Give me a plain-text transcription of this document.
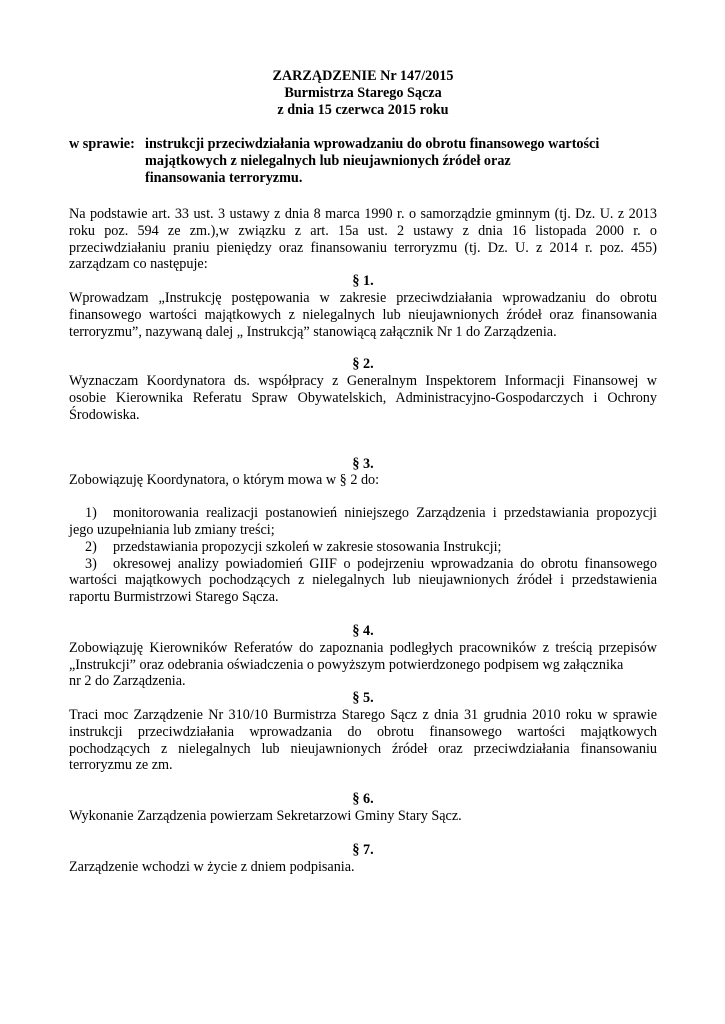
ZARZĄDZENIE Nr 147/2015
Burmistrza Starego Sącza
z dnia 15 czerwca 2015 roku
w sprawie: instrukcji przeciwdziałania wprowadzaniu do obrotu finansowego wartości
majątkowych z nielegalnych lub nieujawnionych źródeł oraz
finansowania terroryzmu.

Na podstawie art. 33 ust. 3 ustawy z dnia 8 marca 1990 r. o samorządzie gminnym (tj. Dz. U. z 2013

roku poz. 594 ze zm.),w związku z art. 15a ust. 2 ustawy z dnia 16 listopada 2000 r. o

przeciwdziałaniu praniu pieniędzy oraz finansowaniu terroryzmu (tj. Dz. U. z 2014 r. poz. 455)

zarządzam co następuje:

§ 1.

Wprowadzam „Instrukcję postępowania w zakresie przeciwdziałania wprowadzaniu do obrotu

finansowego wartości majątkowych z nielegalnych lub nieujawnionych źródeł oraz finansowania

terroryzmu”, nazywaną dalej „ Instrukcją” stanowiącą załącznik Nr 1 do Zarządzenia.

§ 2.

Wyznaczam Koordynatora ds. współpracy z Generalnym Inspektorem Informacji Finansowej w

osobie Kierownika Referatu Spraw Obywatelskich, Administracyjno-Gospodarczych i Ochrony

Środowiska.

§ 3.

Zobowiązuję Koordynatora, o którym mowa w § 2 do:

1) monitorowania realizacji postanowień niniejszego Zarządzenia i przedstawiania propozycji

jego uzupełniania lub zmiany treści;

2) przedstawiania propozycji szkoleń w zakresie stosowania Instrukcji;

3) okresowej analizy powiadomień GIIF o podejrzeniu wprowadzania do obrotu finansowego

wartości majątkowych pochodzących z nielegalnych lub nieujawnionych źródeł i przedstawienia

raportu Burmistrzowi Starego Sącza.

§ 4.

Zobowiązuję Kierowników Referatów do zapoznania podległych pracowników z treścią przepisów

„Instrukcji” oraz odebrania oświadczenia o powyższym potwierdzonego podpisem wg załącznika

nr 2 do Zarządzenia.

§ 5.

Traci moc Zarządzenie Nr 310/10 Burmistrza Starego Sącz z dnia 31 grudnia 2010 roku w sprawie

instrukcji przeciwdziałania wprowadzania do obrotu finansowego wartości majątkowych

pochodzących z nielegalnych lub nieujawnionych źródeł oraz przeciwdziałania finansowaniu

terroryzmu ze zm.

§ 6.

Wykonanie Zarządzenia powierzam Sekretarzowi Gminy Stary Sącz.

§ 7.

Zarządzenie wchodzi w życie z dniem podpisania.
